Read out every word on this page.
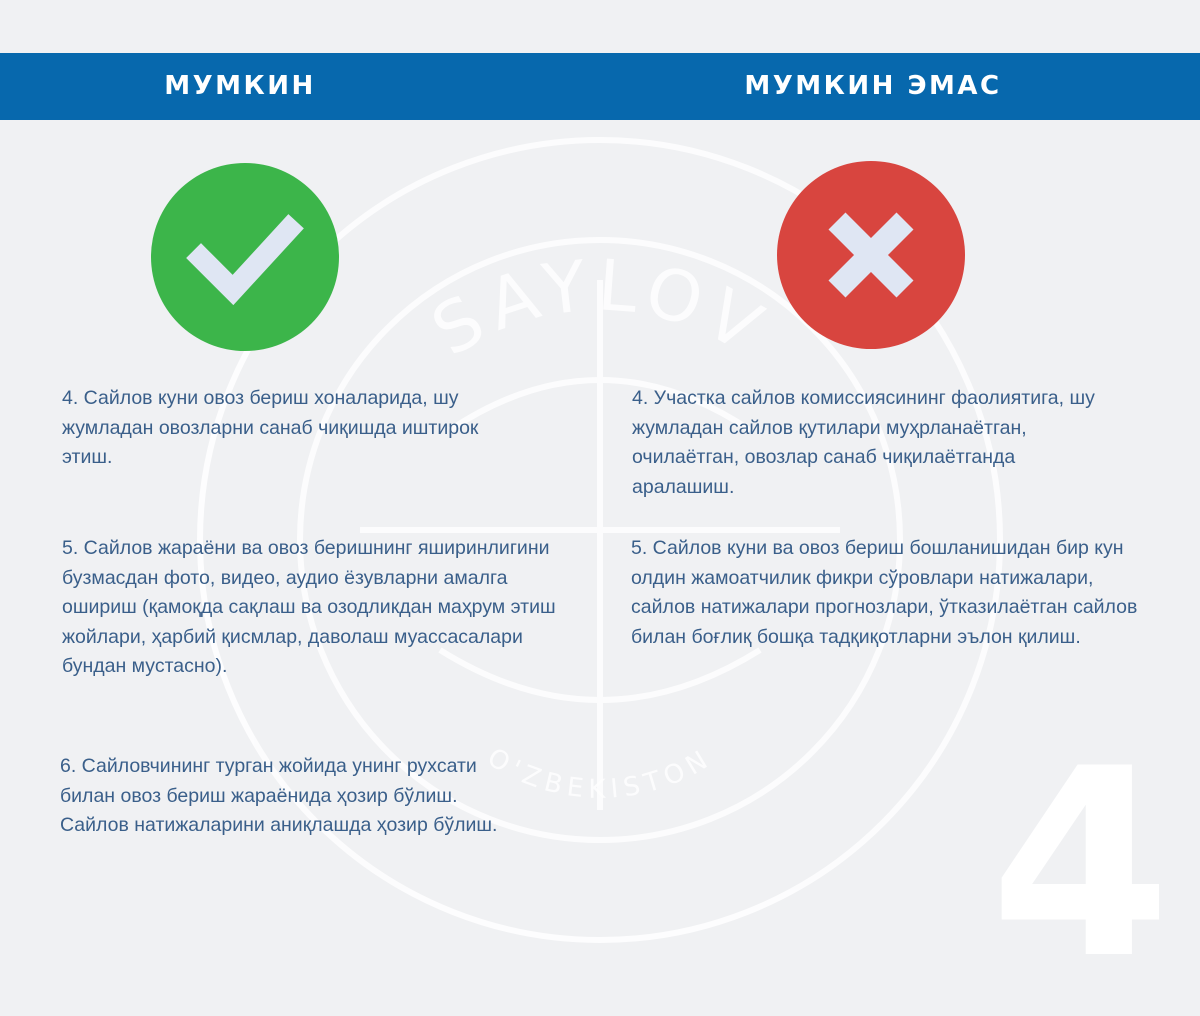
SAYLOV
O'ZBEKISTON
МУМКИН	МУМКИН ЭМАС

4. Сайлов куни овоз бериш хоналарида, шу жумладан овозларни санаб чиқишда иштирок этиш.

5. Сайлов жараёни ва овоз беришнинг яширинлигини бузмасдан фото, видео, аудио ёзувларни амалга ошириш (қамоқда сақлаш ва озодликдан маҳрум этиш жойлари, ҳарбий қисмлар, даволаш муассасалари бундан мустасно).

6. Сайловчининг турган жойида унинг рухсати билан овоз бериш жараёнида ҳозир бўлиш. Сайлов натижаларини аниқлашда ҳозир бўлиш.

4. Участка сайлов комиссиясининг фаолиятига, шу жумладан сайлов қутилари муҳрланаётган, очилаётган, овозлар санаб чиқилаётганда аралашиш.

5. Сайлов куни ва овоз бериш бошланишидан бир кун олдин жамоатчилик фикри сўровлари натижалари, сайлов натижалари прогнозлари, ўтказилаётган сайлов билан боғлиқ бошқа тадқиқотларни эълон қилиш.

4
